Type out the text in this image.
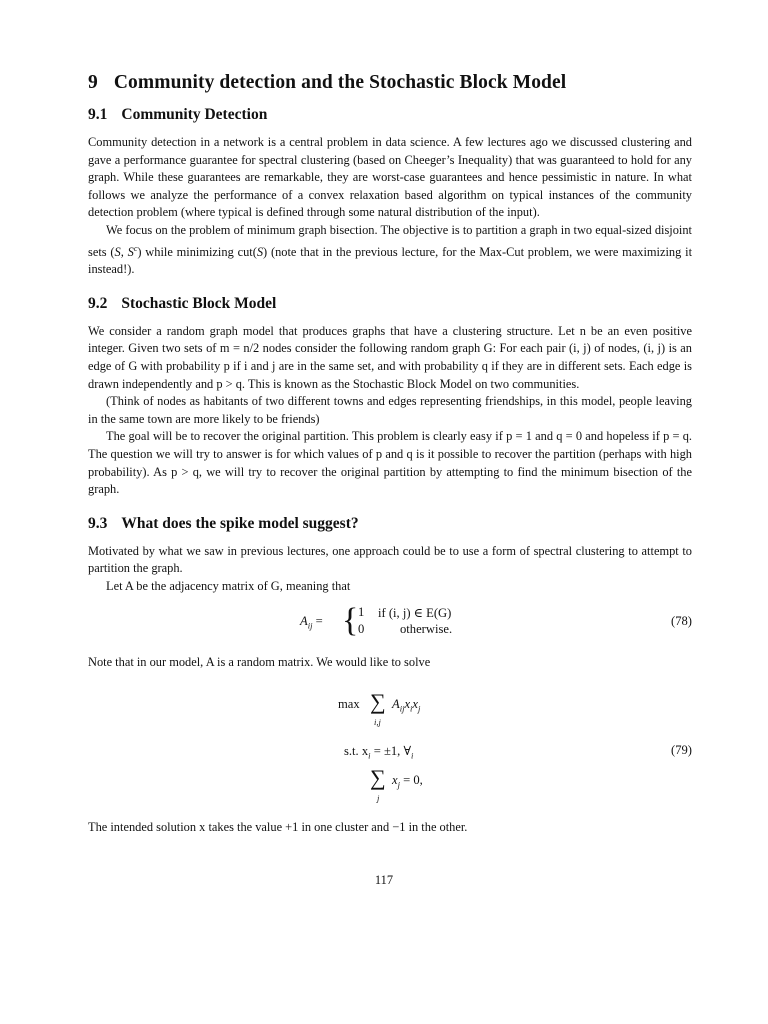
9 Community detection and the Stochastic Block Model
9.1 Community Detection

Community detection in a network is a central problem in data science. A few lectures ago we discussed clustering and gave a performance guarantee for spectral clustering (based on Cheeger’s Inequality) that was guaranteed to hold for any graph. While these guarantees are remarkable, they are worst-case guarantees and hence pessimistic in nature. In what follows we analyze the performance of a convex relaxation based algorithm on typical instances of the community detection problem (where typical is defined through some natural distribution of the input).

We focus on the problem of minimum graph bisection. The objective is to partition a graph in two equal-sized disjoint sets (S, $S^c$) while minimizing cut(S) (note that in the previous lecture, for the Max-Cut problem, we were maximizing it instead!).

9.2 Stochastic Block Model

We consider a random graph model that produces graphs that have a clustering structure. Let n be an even positive integer. Given two sets of m = n/2 nodes consider the following random graph G: For each pair (i, j) of nodes, (i, j) is an edge of G with probability p if i and j are in the same set, and with probability q if they are in different sets. Each edge is drawn independently and p > q. This is known as the Stochastic Block Model on two communities.

(Think of nodes as habitants of two different towns and edges representing friendships, in this model, people leaving in the same town are more likely to be friends)

The goal will be to recover the original partition. This problem is clearly easy if p = 1 and q = 0 and hopeless if p = q. The question we will try to answer is for which values of p and q is it possible to recover the partition (perhaps with high probability). As p > q, we will try to recover the original partition by attempting to find the minimum bisection of the graph.

9.3 What does the spike model suggest?

Motivated by what we saw in previous lectures, one approach could be to use a form of spectral clustering to attempt to partition the graph.

Let A be the adjacency matrix of G, meaning that

$A_{ij}$ = { 1 if (i, j) ∈ E(G)
0	otherwise.
(78)

Note that in our model, A is a random matrix. We would like to solve

max ∑
i,j
$A_{ij}x_ix_j$
s.t. $x_i = \pm 1$, $\forall_i$	(79)
∑
j
$x_j = 0$,

The intended solution x takes the value +1 in one cluster and −1 in the other.

117
